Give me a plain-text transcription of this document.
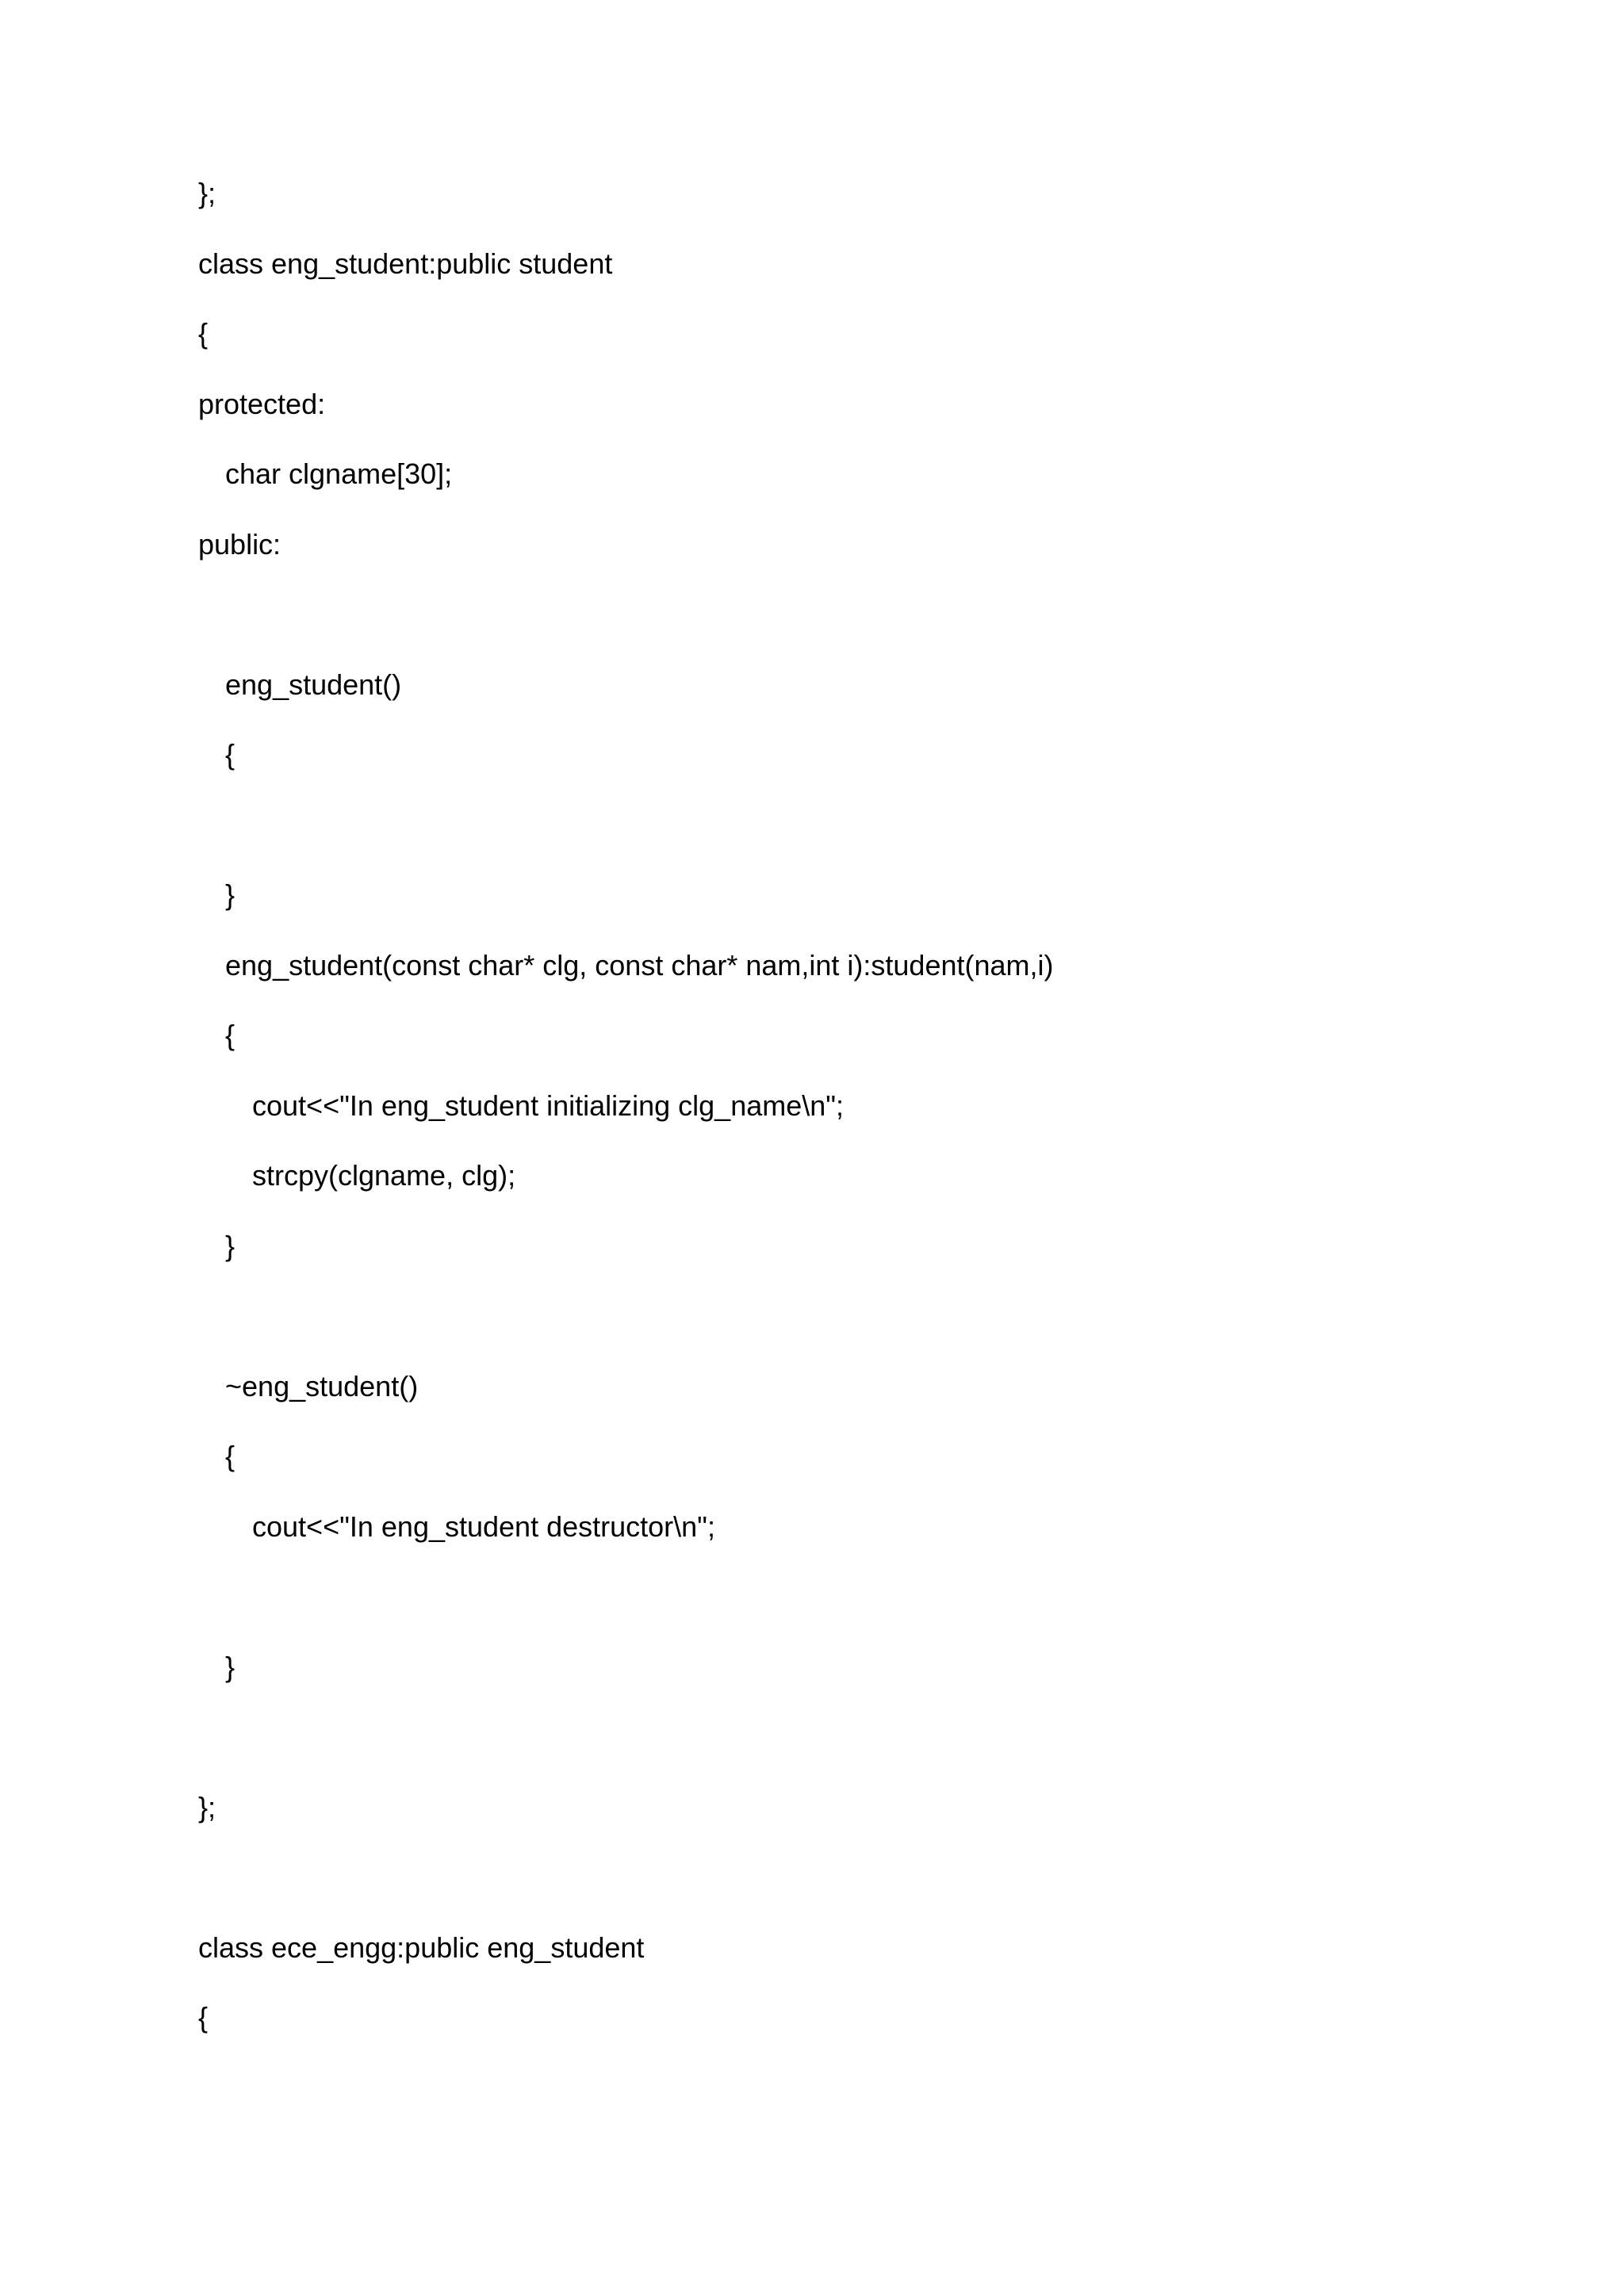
};
class eng_student:public student
{
protected:
char clgname[30];
public:
eng_student()
{
}
eng_student(const char* clg, const char* nam,int i):student(nam,i)
{
cout<<"In eng_student initializing clg_name\n";
strcpy(clgname, clg);
}
~eng_student()
{
cout<<"In eng_student destructor\n";
}
};
class ece_engg:public eng_student
{
